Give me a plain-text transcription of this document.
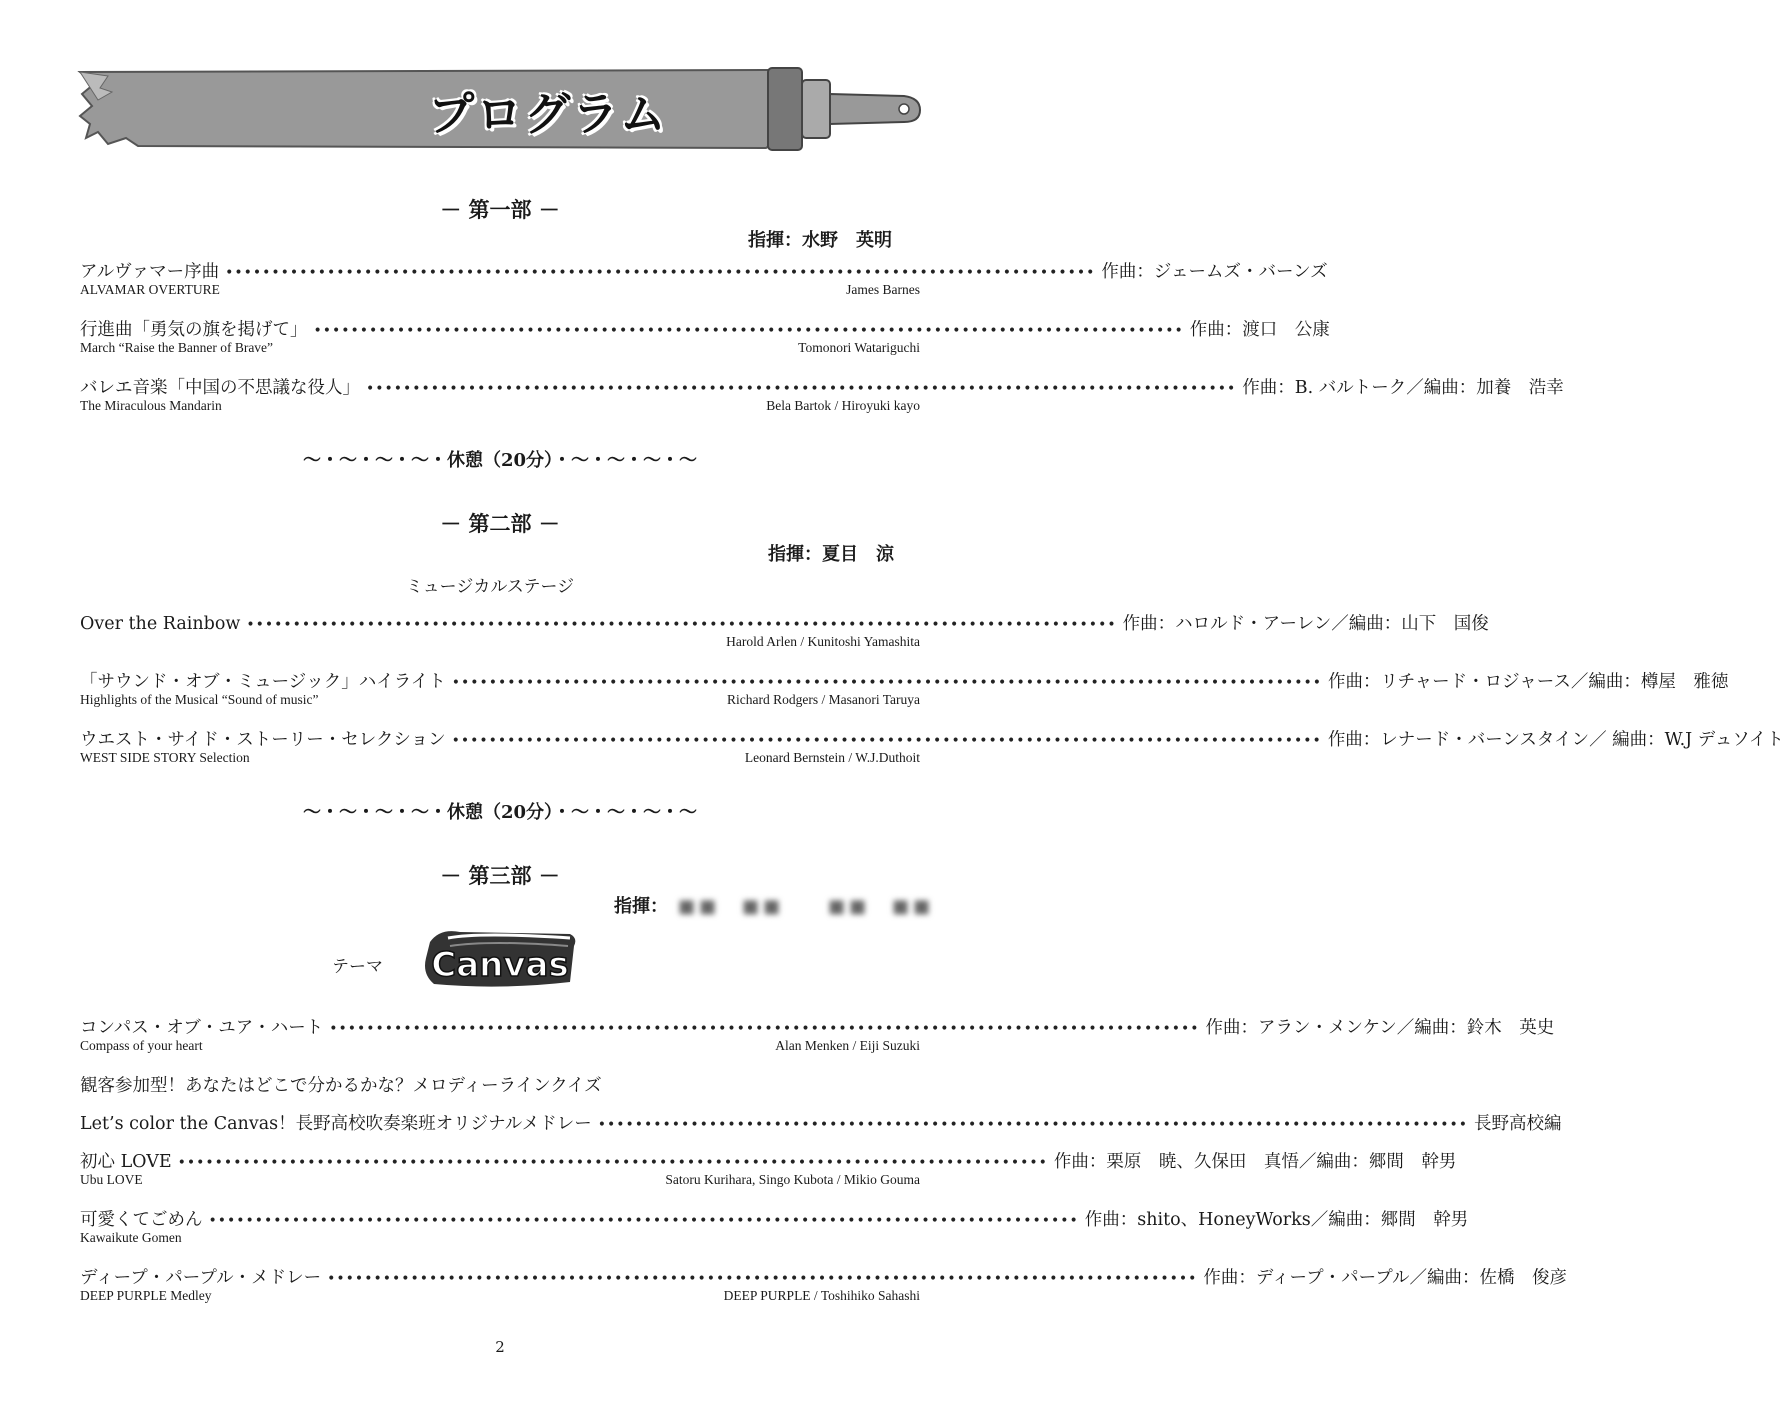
プログラム
－ 第一部 －
指揮：水野　英明
アルヴァマー序曲 •••••••••••••••••••••••••••••••••••••••••••••••••••••••••••••••••••••••••••••••••••••••••••••• 作曲：ジェームズ・バーンズ
ALVAMAR OVERTURE	James Barnes
行進曲「勇気の旗を掲げて」 •••••••••••••••••••••••••••••••••••••••••••••••••••••••••••••••••••••••••••••••••••••••••••••• 作曲：渡口　公康
March “Raise the Banner of Brave”	Tomonori Watariguchi
バレエ音楽「中国の不思議な役人」 •••••••••••••••••••••••••••••••••••••••••••••••••••••••••••••••••••••••••••••••••••••••••••••• 作曲：B. バルトーク／編曲：加養　浩幸
The Miraculous Mandarin	Bela Bartok / Hiroyuki kayo
〜・〜・〜・〜・休憩（20分）・〜・〜・〜・〜
－ 第二部 －
指揮：夏目　涼
ミュージカルステージ
Over the Rainbow •••••••••••••••••••••••••••••••••••••••••••••••••••••••••••••••••••••••••••••••••••••••••••••• 作曲：ハロルド・アーレン／編曲：山下　国俊
Harold Arlen / Kunitoshi Yamashita
「サウンド・オブ・ミュージック」ハイライト •••••••••••••••••••••••••••••••••••••••••••••••••••••••••••••••••••••••••••••••••••••••••••••• 作曲：リチャード・ロジャース／編曲：樽屋　雅徳
Highlights of the Musical “Sound of music”	Richard Rodgers / Masanori Taruya
ウエスト・サイド・ストーリー・セレクション •••••••••••••••••••••••••••••••••••••••••••••••••••••••••••••••••••••••••••••••••••••••••••••• 作曲：レナード・バーンスタイン／ 編曲：W.J デュソイト
WEST SIDE STORY Selection	Leonard Bernstein / W.J.Duthoit
〜・〜・〜・〜・休憩（20分）・〜・〜・〜・〜
－ 第三部 －
指揮： ■■　■■　　■■　■■
テーマ Canvas
コンパス・オブ・ユア・ハート •••••••••••••••••••••••••••••••••••••••••••••••••••••••••••••••••••••••••••••••••••••••••••••• 作曲：アラン・メンケン／編曲：鈴木　英史
Compass of your heart	Alan Menken / Eiji Suzuki
観客参加型！あなたはどこで分かるかな？メロディーラインクイズ
Let’s color the Canvas！長野高校吹奏楽班オリジナルメドレー •••••••••••••••••••••••••••••••••••••••••••••••••••••••••••••••••••••••••••••••••••••••••••••• 長野高校編
初心 LOVE •••••••••••••••••••••••••••••••••••••••••••••••••••••••••••••••••••••••••••••••••••••••••••••• 作曲：栗原　暁、久保田　真悟／編曲：郷間　幹男
Ubu LOVE	Satoru Kurihara, Singo Kubota / Mikio Gouma
可愛くてごめん •••••••••••••••••••••••••••••••••••••••••••••••••••••••••••••••••••••••••••••••••••••••••••••• 作曲：shito、HoneyWorks／編曲：郷間　幹男
Kawaikute Gomen
ディープ・パープル・メドレー •••••••••••••••••••••••••••••••••••••••••••••••••••••••••••••••••••••••••••••••••••••••••••••• 作曲：ディープ・パープル／編曲：佐橋　俊彦
DEEP PURPLE Medley	DEEP PURPLE / Toshihiko Sahashi
2
